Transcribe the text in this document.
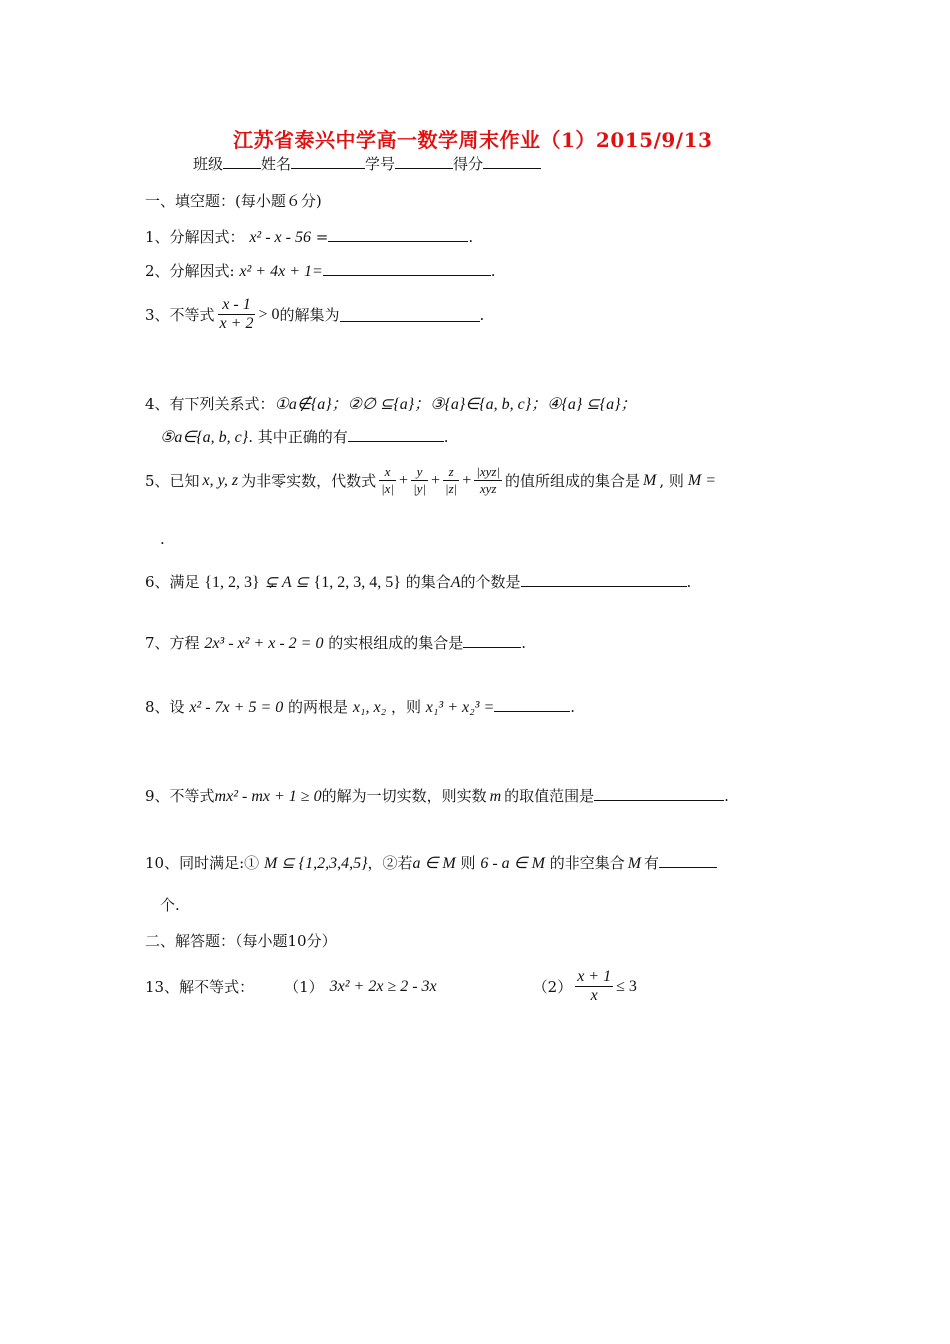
江苏省泰兴中学高一数学周末作业（1）2015/9/13
班级	姓名	学号	得分
一、填空题：(每小题６分)
1、分解因式： x² - x - 56 =	.
2、分解因式: x² + 4x + 1=	.
3、不等式 $\frac{x - 1}{x + 2} > 0$ 的解集为	.
4、有下列关系式：①a∉{a}；②∅ ⊆{a}；③{a}∈{a, b, c}；④{a} ⊆{a}；
⑤a∈{a, b, c}. 其中正确的有	.
5、已知 x, y, z 为非零实数，代数式 $\frac{x}{|x|} + \frac{y}{|y|} + \frac{z}{|z|} + \frac{\text{|xyz|}}{\text{xyz}}$ 的值所组成的集合是 M , 则 M =
.
6、满足 {1, 2, 3} ⊊ A ⊆ {1, 2, 3, 4, 5} 的集合A的个数是	.
7、方程 2x³ - x² + x - 2 = 0 的实根组成的集合是	.
8、设 x² - 7x + 5 = 0 的两根是 x₁, x₂ ，则 x₁³ + x₂³ =	.
9、不等式mx² - mx + 1 ≥ 0的解为一切实数，则实数 m 的取值范围是	.
10、同时满足:① M ⊆ {1,2,3,4,5}，②若a ∈ M 则 6 - a ∈ M 的非空集合 M 有
个.
二、解答题：（每小题10分）
13、解不等式： （1） 3x² + 2x ≥ 2 - 3x	$(2) \frac{x + 1}{x} \le 3$
